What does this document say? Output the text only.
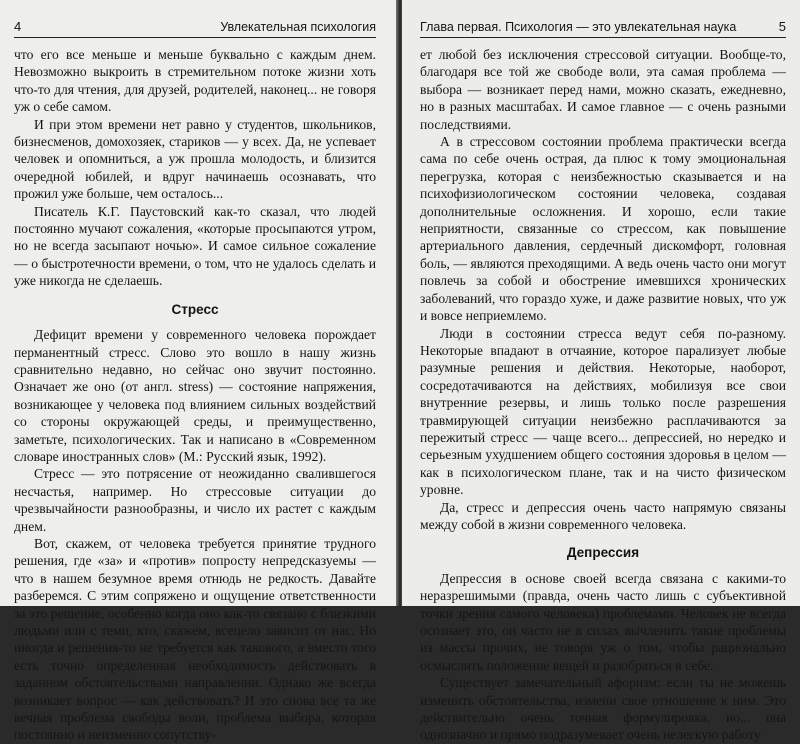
4	Увлекательная психология

что его все меньше и меньше буквально с каждым днем. Невозможно выкроить в стремительном потоке жизни хоть что-то для чтения, для друзей, родителей, наконец... не говоря уж о себе самом.

И при этом времени нет равно у студентов, школьников, бизнесменов, домохозяек, стариков — у всех. Да, не успевает человек и опомниться, а уж прошла молодость, и близится очередной юбилей, и вдруг начинаешь осознавать, что прожил уже больше, чем осталось...

Писатель К.Г. Паустовский как-то сказал, что людей постоянно мучают сожаления, «которые просыпаются утром, но не всегда засыпают ночью». И самое сильное сожаление — о быстротечности времени, о том, что не удалось сделать и уже никогда не сделаешь.

Стресс

Дефицит времени у современного человека порождает перманентный стресс. Слово это вошло в нашу жизнь сравнительно недавно, но сейчас оно звучит постоянно. Означает же оно (от англ. stress) — состояние напряжения, возникающее у человека под влиянием сильных воздействий со стороны окружающей среды, и преимущественно, заметьте, психологических. Так и написано в «Современном словаре иностранных слов» (М.: Русский язык, 1992).

Стресс — это потрясение от неожиданно свалившегося несчастья, например. Но стрессовые ситуации до чрезвычайности разнообразны, и число их растет с каждым днем.

Вот, скажем, от человека требуется принятие трудного решения, где «за» и «против» попросту непредсказуемы — что в нашем безумное время отнюдь не редкость. Давайте разберемся. С этим сопряжено и ощущение ответственности за это решение, особенно когда оно как-то связано с близкими людьми или с теми, кто, скажем, всецело зависит от нас. Но иногда и решения-то не требуется как такового, а вместо того есть точно определенная необходимость действовать в заданном обстоятельствами направлении. Однако же всегда возникает вопрос — как действовать? И это снова все та же вечная проблема свободы воли, проблема выбора, которая постоянно и неизменно сопутству-

Глава первая. Психология — это увлекательная наука	5

ет любой без исключения стрессовой ситуации. Вообще-то, благодаря все той же свободе воли, эта самая проблема — выбора — возникает перед нами, можно сказать, ежедневно, но в разных масштабах. И самое главное — с очень разными последствиями.

А в стрессовом состоянии проблема практически всегда сама по себе очень острая, да плюс к тому эмоциональная перегрузка, которая с неизбежностью сказывается и на психофизиологическом состоянии человека, создавая дополнительные осложнения. И хорошо, если такие неприятности, связанные со стрессом, как повышение артериального давления, сердечный дискомфорт, головная боль, — являются преходящими. А ведь очень часто они могут повлечь за собой и обострение имевшихся хронических заболеваний, что гораздо хуже, и даже развитие новых, что уж и вовсе неприемлемо.

Люди в состоянии стресса ведут себя по-разному. Некоторые впадают в отчаяние, которое парализует любые разумные решения и действия. Некоторые, наоборот, сосредотачиваются на действиях, мобилизуя все свои внутренние резервы, и лишь только после разрешения травмирующей ситуации неизбежно расплачиваются за пережитый стресс — чаще всего... депрессией, но нередко и серьезным ухудшением общего состояния здоровья в целом — как в психологическом плане, так и на чисто физическом уровне.

Да, стресс и депрессия очень часто напрямую связаны между собой в жизни современного человека.

Депрессия

Депрессия в основе своей всегда связана с какими-то неразрешимыми (правда, очень часто лишь с субъективной точки зрения самого человека) проблемами. Человек не всегда осознает это, он часто не в силах вычленить такие проблемы из массы прочих, не говоря уж о том, чтобы рационально осмыслить положение вещей и разобраться в себе.

Существует замечательный афоризм: если ты не можешь изменить обстоятельства, измени свое отношение к ним. Это действительно очень точная формулировка, но... она однозначно и прямо подразумевает очень нелегкую работу
